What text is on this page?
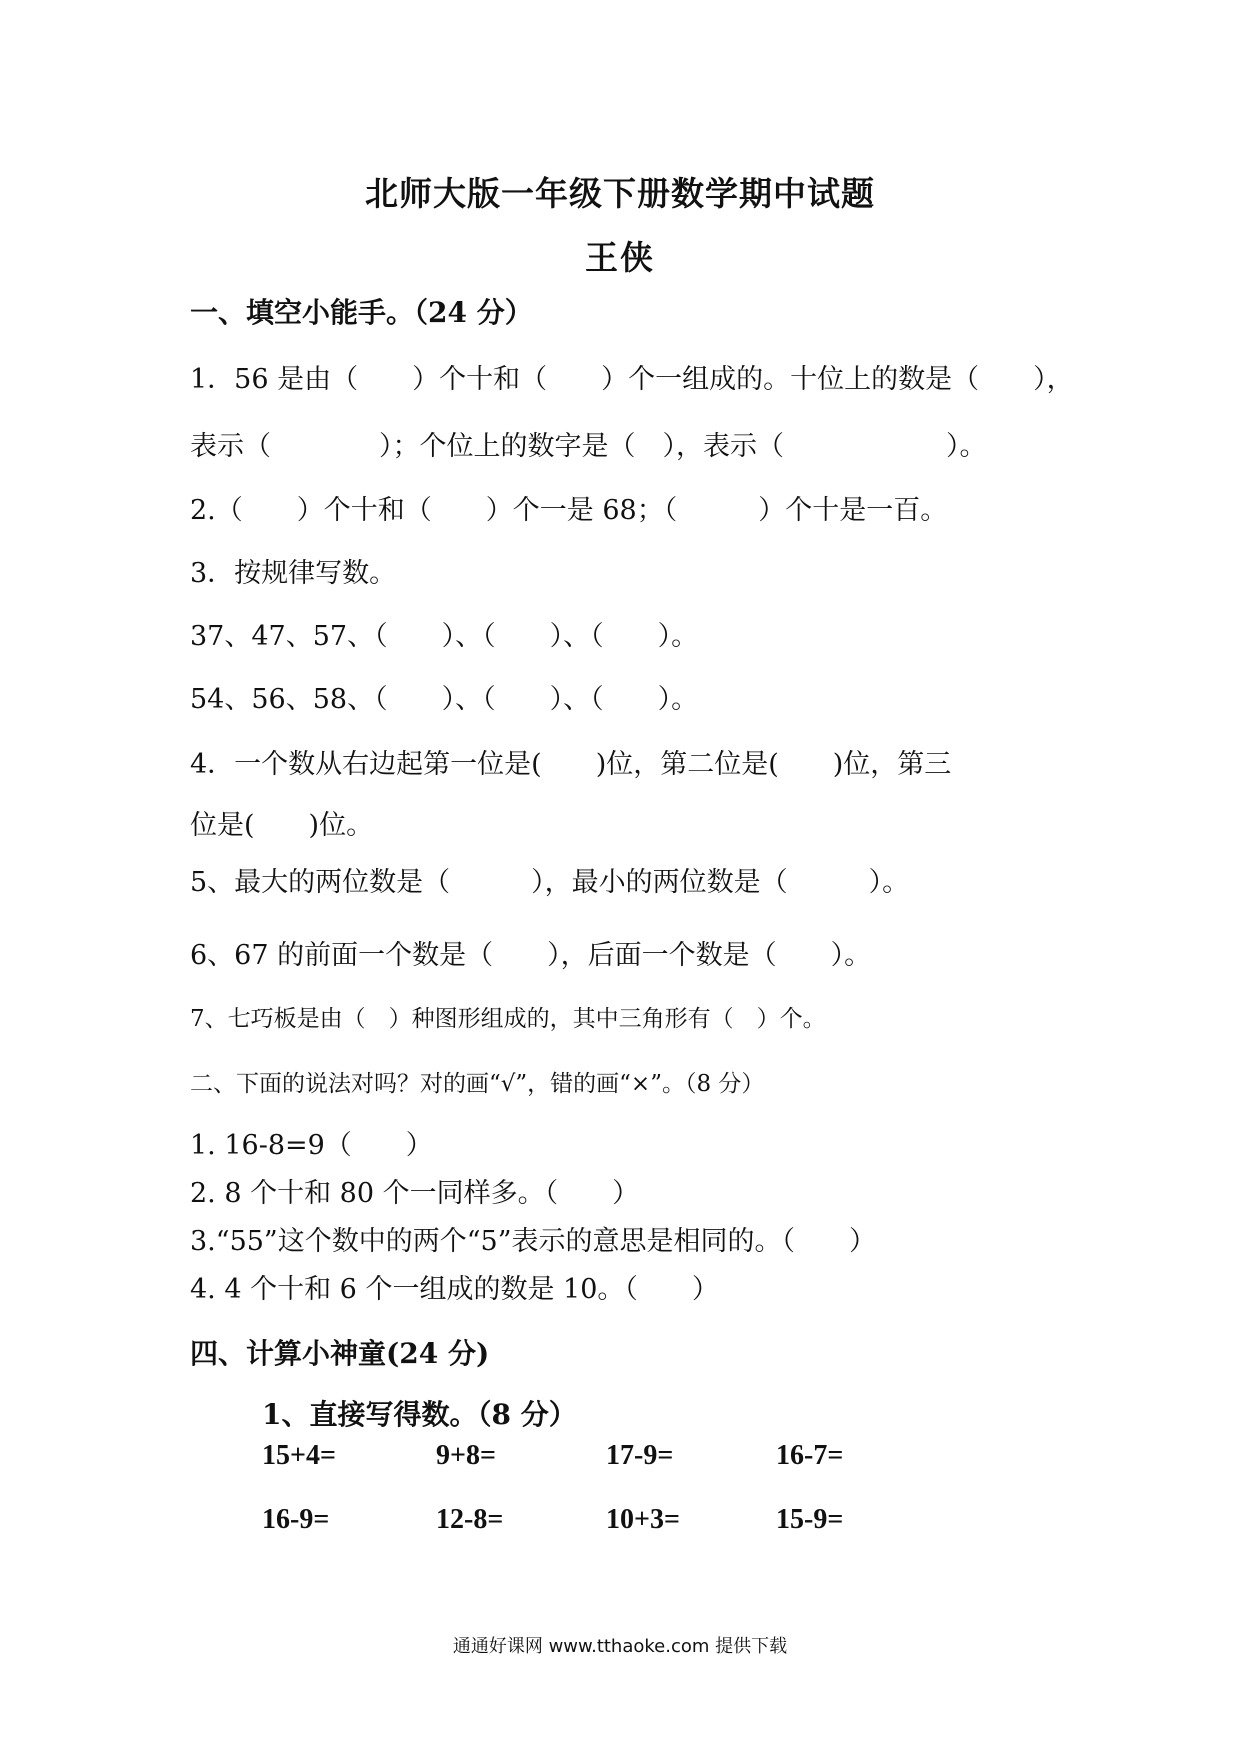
北师大版一年级下册数学期中试题
王侠
一、填空小能手。（24 分）
1．56 是由（　　）个十和（　　）个一组成的。十位上的数是（　　），
表示（　　　　）；个位上的数字是（　），表示（　　　　　　）。
2.（　　）个十和（　　）个一是 68；（　　　）个十是一百。
3．按规律写数。
37、47、57、（　　）、（　　）、（　　）。
54、56、58、（　　）、（　　）、（　　）。
4．一个数从右边起第一位是(　　)位，第二位是(　　)位，第三
位是(　　)位。
5、最大的两位数是（　　　），最小的两位数是（　　　）。
6、67 的前面一个数是（　　），后面一个数是（　　）。
7、七巧板是由（　）种图形组成的，其中三角形有（　）个。
二、下面的说法对吗？对的画“√”，错的画“×”。（8 分）
1. 16-8=9（　　）
2. 8 个十和 80 个一同样多。（　　）
3.“55”这个数中的两个“5”表示的意思是相同的。（　　）
4. 4 个十和 6 个一组成的数是 10。（　　）
四、计算小神童(24 分)
1、直接写得数。（8 分）
15+4=	9+8=	17-9=	16-7=
16-9=	12-8=	10+3=	15-9=
通通好课网 www.tthaoke.com 提供下载
